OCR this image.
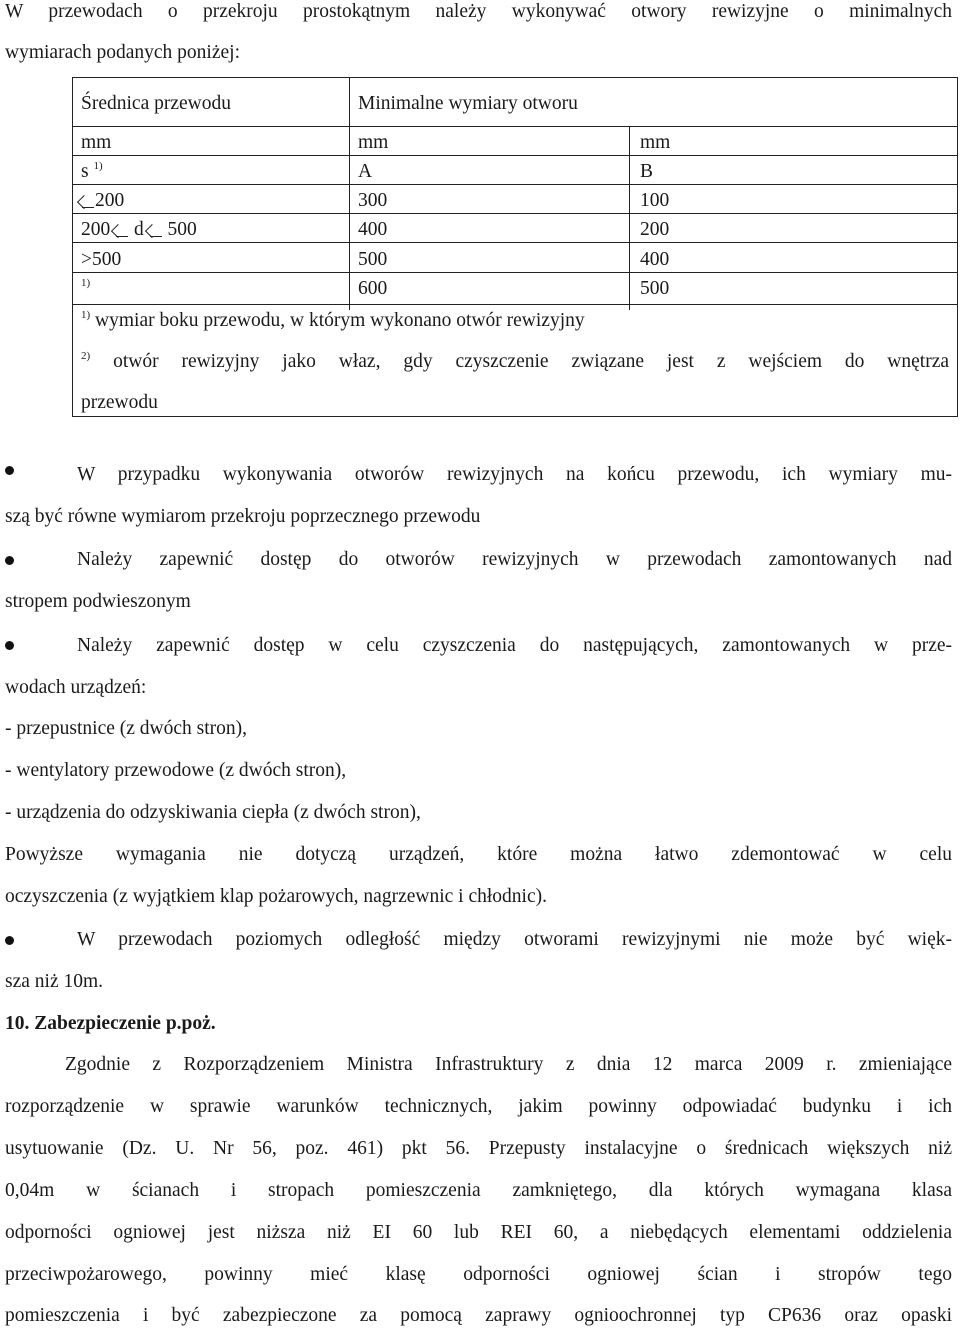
W przewodach o przekroju prostokątnym należy wykonywać otwory rewizyjne o minimalnych
wymiarach podanych poniżej:
Średnica przewodu	Minimalne wymiary otworu
mm	mm	mm
s $^{1)}$	A	B
200	300	100
200  d  500	400	200
>500	500	400
$^{1)}$	600	500
$^{1)}$ wymiar boku przewodu, w którym wykonano otwór rewizyjny
$^{2)}$ otwór rewizyjny jako właz, gdy czyszczenie związane jest z wejściem do wnętrza
przewodu
W przypadku wykonywania otworów rewizyjnych na końcu przewodu, ich wymiary mu-
szą być równe wymiarom przekroju poprzecznego przewodu
Należy zapewnić dostęp do otworów rewizyjnych w przewodach zamontowanych nad
stropem podwieszonym
Należy zapewnić dostęp w celu czyszczenia do następujących, zamontowanych w prze-
wodach urządzeń:
- przepustnice (z dwóch stron),
- wentylatory przewodowe (z dwóch stron),
- urządzenia do odzyskiwania ciepła (z dwóch stron),
Powyższe wymagania nie dotyczą urządzeń, które można łatwo zdemontować w celu
oczyszczenia (z wyjątkiem klap pożarowych, nagrzewnic i chłodnic).
W przewodach poziomych odległość między otworami rewizyjnymi nie może być więk-
sza niż 10m.
10. Zabezpieczenie p.poż.
Zgodnie z Rozporządzeniem Ministra Infrastruktury z dnia 12 marca 2009 r. zmieniające
rozporządzenie w sprawie warunków technicznych, jakim powinny odpowiadać budynku i ich
usytuowanie (Dz. U. Nr 56, poz. 461) pkt 56. Przepusty instalacyjne o średnicach większych niż
0,04m w ścianach i stropach pomieszczenia zamkniętego, dla których wymagana klasa
odporności ogniowej jest niższa niż EI 60 lub REI 60, a niebędących elementami oddzielenia
przeciwpożarowego, powinny mieć klasę odporności ogniowej ścian i stropów tego
pomieszczenia i być zabezpieczone za pomocą zaprawy ognioochronnej typ CP636 oraz opaski
